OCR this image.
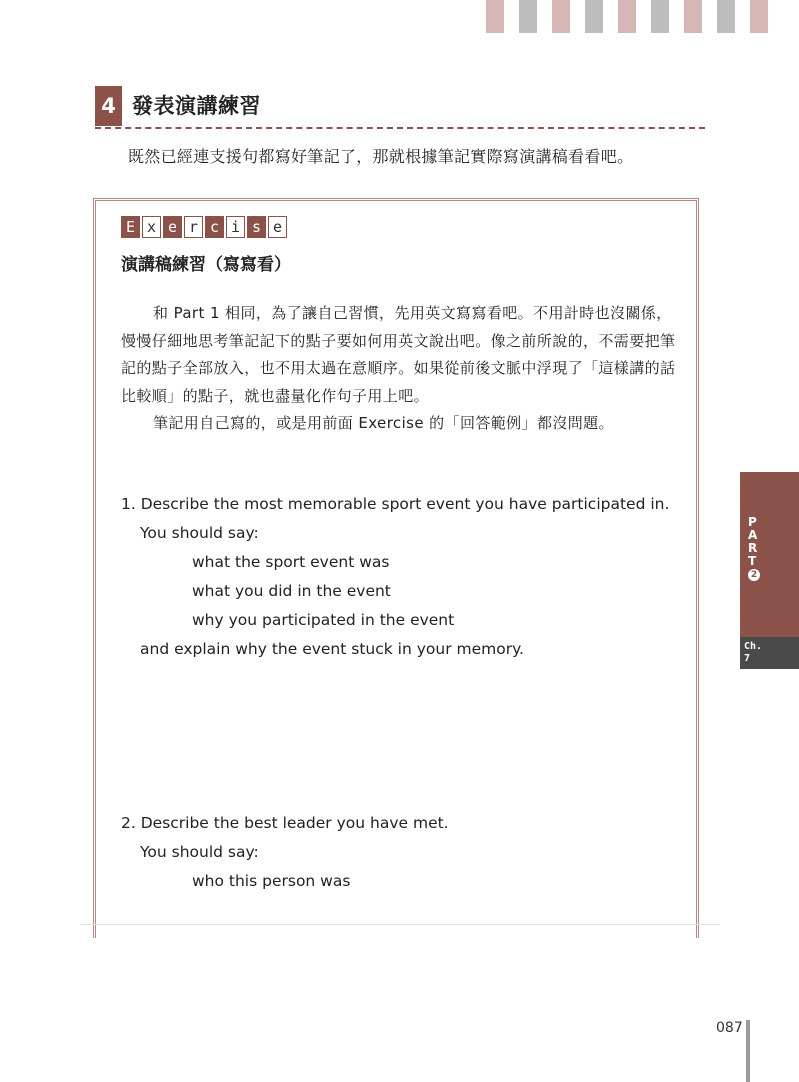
4 發表演講練習
既然已經連支援句都寫好筆記了，那就根據筆記實際寫演講稿看看吧。
E x e r c i s e
演講稿練習（寫寫看）

和 Part 1 相同，為了讓自己習慣，先用英文寫寫看吧。不用計時也沒關係，慢慢仔細地思考筆記記下的點子要如何用英文說出吧。像之前所說的，不需要把筆記的點子全部放入，也不用太過在意順序。如果從前後文脈中浮現了「這樣講的話比較順」的點子，就也盡量化作句子用上吧。

筆記用自己寫的，或是用前面 Exercise 的「回答範例」都沒問題。

1. Describe the most memorable sport event you have participated in.
You should say:
what the sport event was
what you did in the event
why you participated in the event
and explain why the event stuck in your memory.
2. Describe the best leader you have met.
You should say:
who this person was
P
A
R
T
2
Ch.
7
087
